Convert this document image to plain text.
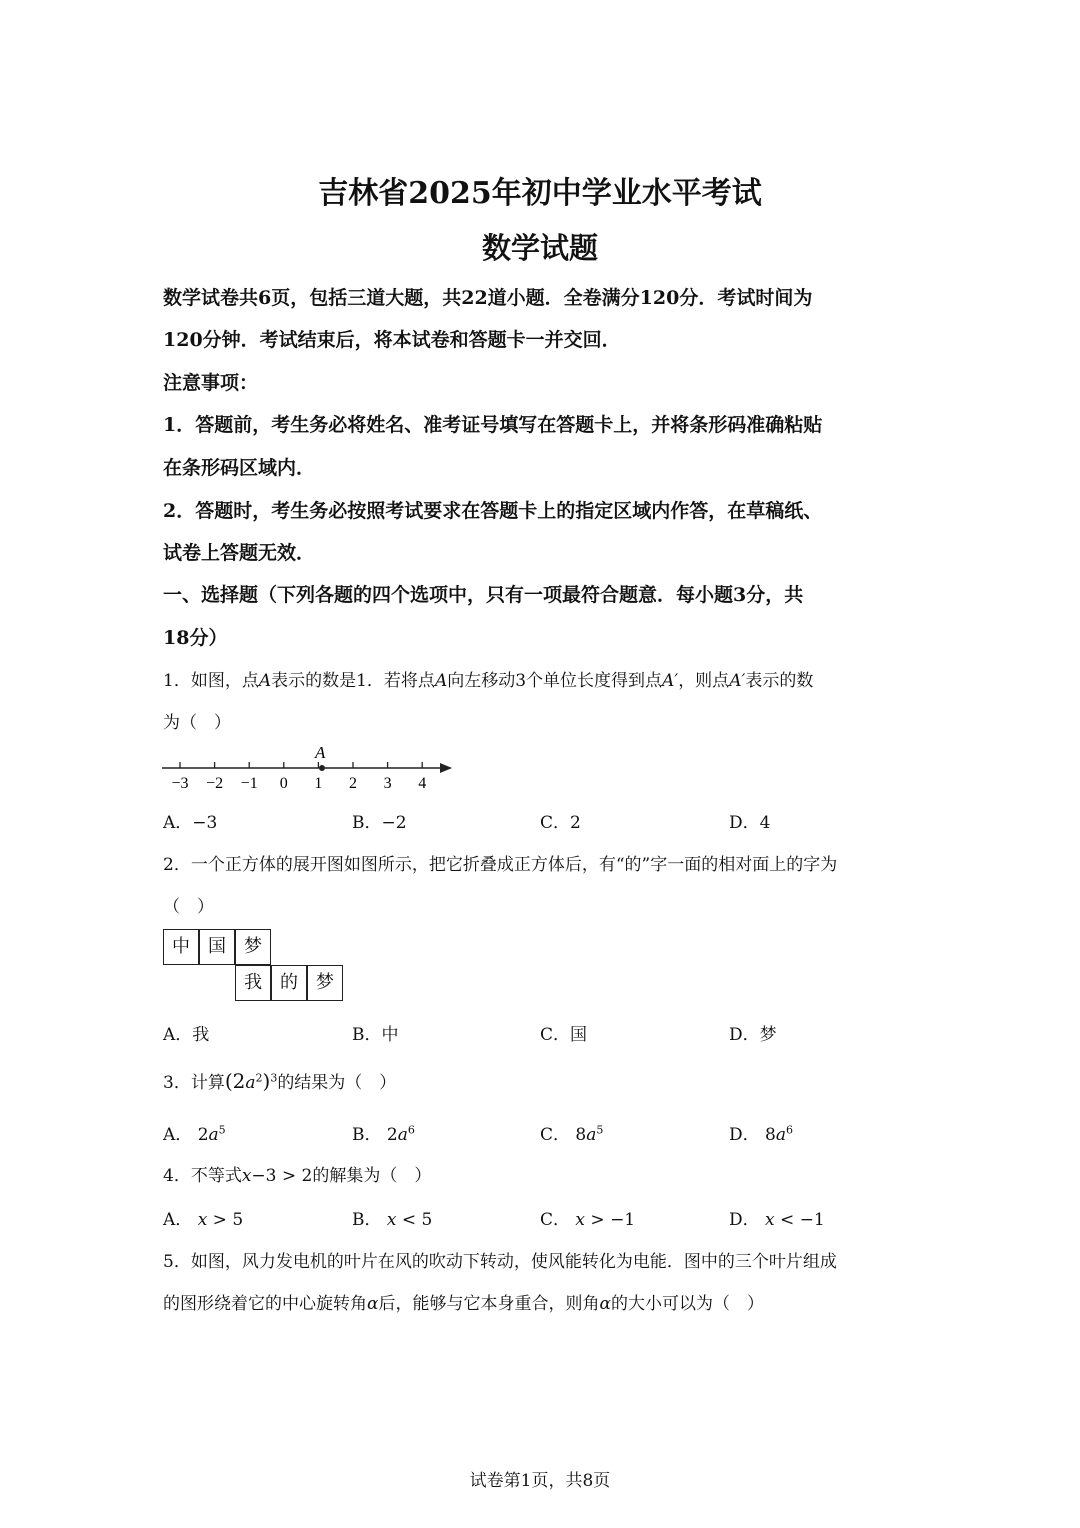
吉林省2025年初中学业水平考试
数学试题
数学试卷共6页，包括三道大题，共22道小题．全卷满分120分．考试时间为
120分钟．考试结束后，将本试卷和答题卡一并交回．
注意事项：
1．答题前，考生务必将姓名、准考证号填写在答题卡上，并将条形码准确粘贴
在条形码区域内．
2．答题时，考生务必按照考试要求在答题卡上的指定区域内作答，在草稿纸、
试卷上答题无效．
一、选择题（下列各题的四个选项中，只有一项最符合题意．每小题3分，共
18分）
1．如图，点A表示的数是1．若将点A向左移动3个单位长度得到点A′，则点A′表示的数
为（　）
−3 −2 −1 0 1 2 3 4
A
A．−3	B．−2	C．2	D．4
2．一个正方体的展开图如图所示，把它折叠成正方体后，有“的”字一面的相对面上的字为
（　）
中	国	梦
我	的	梦
A．我	B．中	C．国	D．梦
3．计算$(2a^2)^3$的结果为（　）
A． $2a^5$	B． $2a^6$	C． $8a^5$	D． $8a^6$
4．不等式x−3 > 2的解集为（　）
A． x > 5	B． x < 5	C． x > −1	D． x < −1
5．如图，风力发电机的叶片在风的吹动下转动，使风能转化为电能．图中的三个叶片组成
的图形绕着它的中心旋转角α后，能够与它本身重合，则角α的大小可以为（　）
试卷第1页，共8页
